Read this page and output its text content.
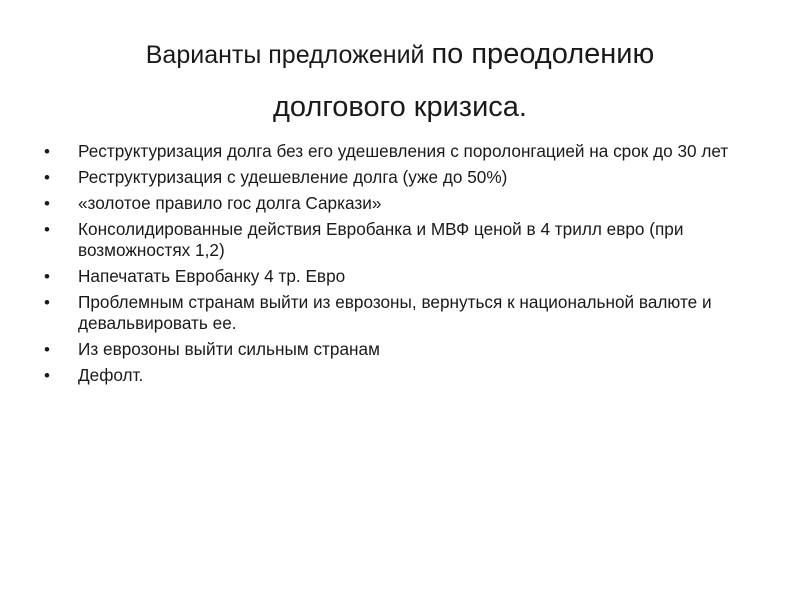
Варианты предложений по преодолению
долгового кризиса.
•	Реструктуризация долга без его удешевления с поролонгацией на срок до 30 лет
•	Реструктуризация с удешевление долга (уже до 50%)
•	«золотое правило гос долга Саркази»
•	Консолидированные действия Евробанка и МВФ ценой в 4 трилл евро (при возможностях 1,2)
•	Напечатать Евробанку 4 тр. Евро
•	Проблемным странам выйти из еврозоны, вернуться к национальной валюте и девальвировать ее.
•	Из еврозоны выйти сильным странам
•	Дефолт.
